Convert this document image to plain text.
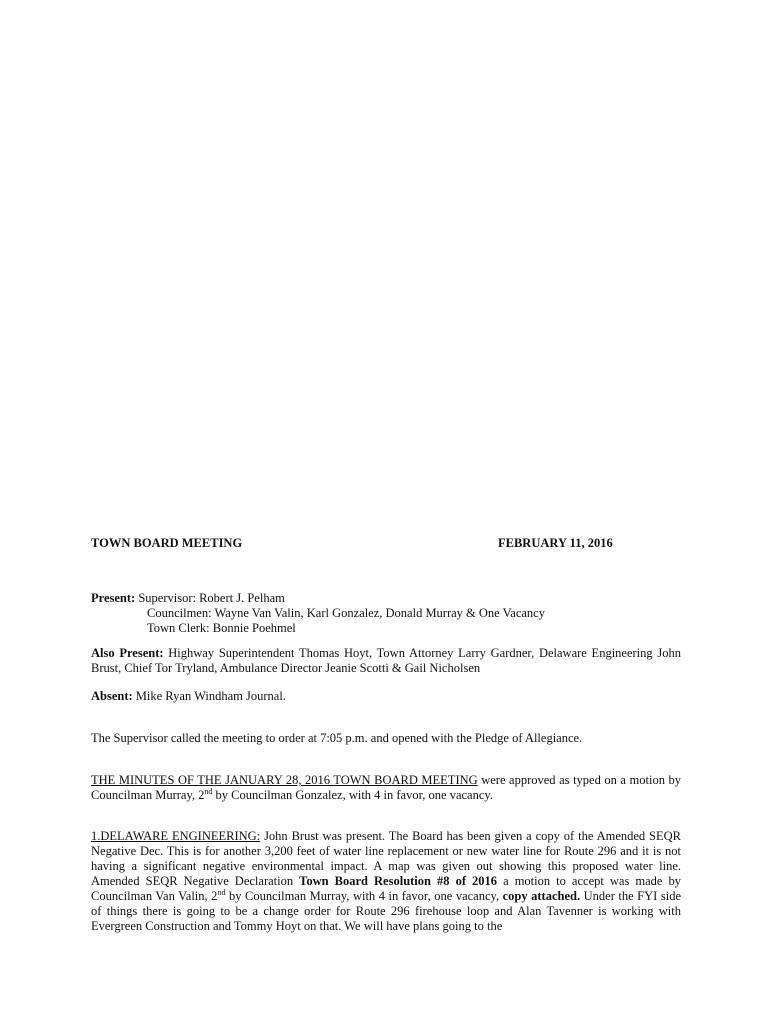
TOWN BOARD MEETING	FEBRUARY 11, 2016

Present: Supervisor: Robert J. Pelham

Councilmen: Wayne Van Valin, Karl Gonzalez, Donald Murray & One Vacancy

Town Clerk: Bonnie Poehmel

Also Present: Highway Superintendent Thomas Hoyt, Town Attorney Larry Gardner, Delaware Engineering John Brust, Chief Tor Tryland, Ambulance Director Jeanie Scotti & Gail Nicholsen

Absent: Mike Ryan Windham Journal.

The Supervisor called the meeting to order at 7:05 p.m. and opened with the Pledge of Allegiance.

THE MINUTES OF THE JANUARY 28, 2016 TOWN BOARD MEETING were approved as typed on a motion by Councilman Murray, 2nd by Councilman Gonzalez, with 4 in favor, one vacancy.

1.DELAWARE ENGINEERING: John Brust was present. The Board has been given a copy of the Amended SEQR Negative Dec. This is for another 3,200 feet of water line replacement or new water line for Route 296 and it is not having a significant negative environmental impact. A map was given out showing this proposed water line. Amended SEQR Negative Declaration Town Board Resolution #8 of 2016 a motion to accept was made by Councilman Van Valin, 2nd by Councilman Murray, with 4 in favor, one vacancy, copy attached. Under the FYI side of things there is going to be a change order for Route 296 firehouse loop and Alan Tavenner is working with Evergreen Construction and Tommy Hoyt on that. We will have plans going to the
